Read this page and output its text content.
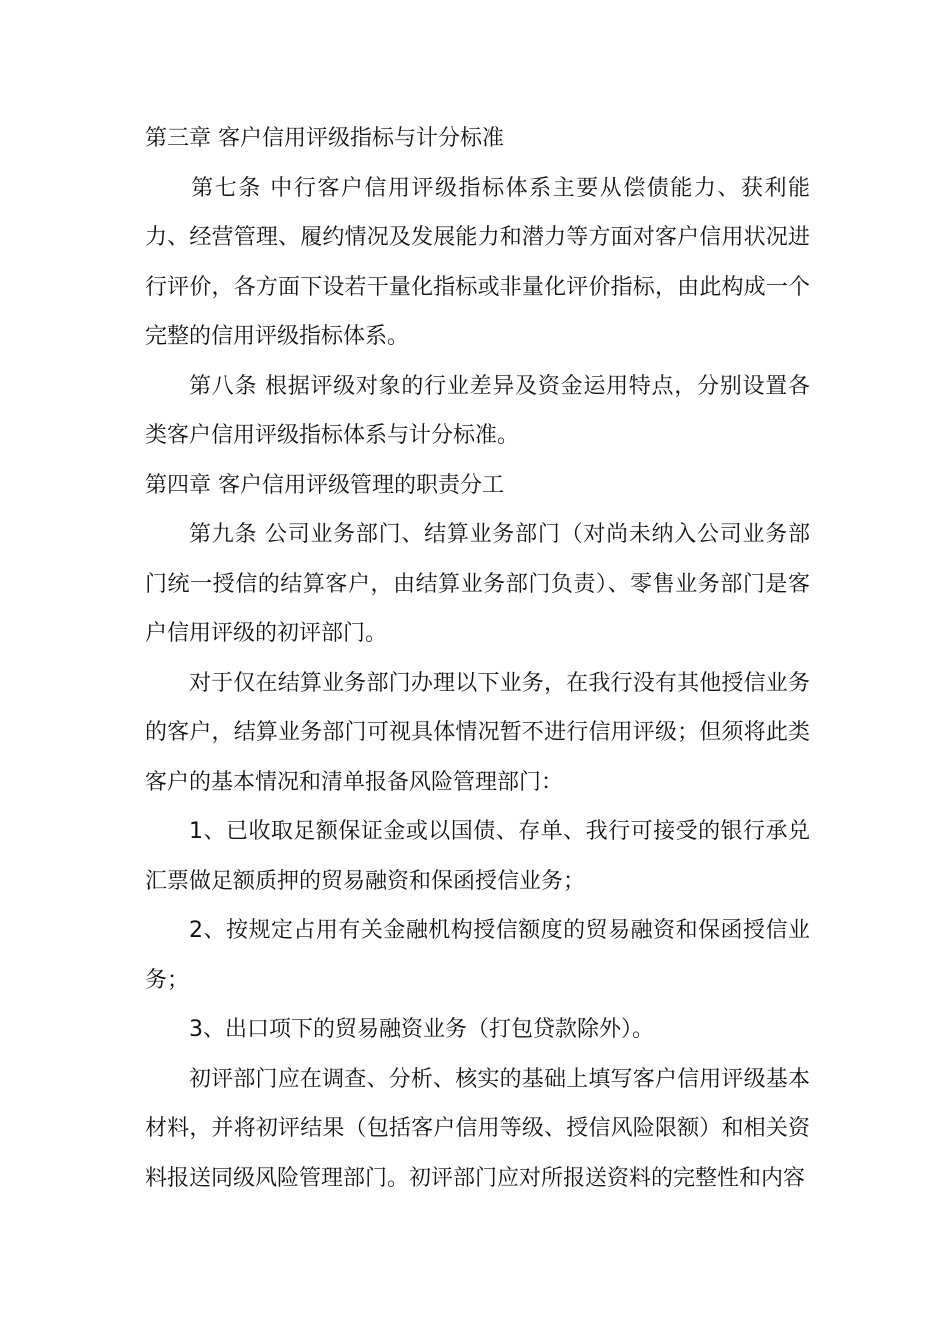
第三章 客户信用评级指标与计分标准

第七条 中行客户信用评级指标体系主要从偿债能力、获利能力、经营管理、履约情况及发展能力和潜力等方面对客户信用状况进行评价，各方面下设若干量化指标或非量化评价指标，由此构成一个完整的信用评级指标体系。

第八条 根据评级对象的行业差异及资金运用特点，分别设置各类客户信用评级指标体系与计分标准。

第四章 客户信用评级管理的职责分工

第九条 公司业务部门、结算业务部门（对尚未纳入公司业务部门统一授信的结算客户，由结算业务部门负责）、零售业务部门是客户信用评级的初评部门。

对于仅在结算业务部门办理以下业务，在我行没有其他授信业务的客户，结算业务部门可视具体情况暂不进行信用评级；但须将此类客户的基本情况和清单报备风险管理部门：

1、已收取足额保证金或以国债、存单、我行可接受的银行承兑汇票做足额质押的贸易融资和保函授信业务；

2、按规定占用有关金融机构授信额度的贸易融资和保函授信业务；

3、出口项下的贸易融资业务（打包贷款除外）。

初评部门应在调查、分析、核实的基础上填写客户信用评级基本材料，并将初评结果（包括客户信用等级、授信风险限额）和相关资料报送同级风险管理部门。初评部门应对所报送资料的完整性和内容
